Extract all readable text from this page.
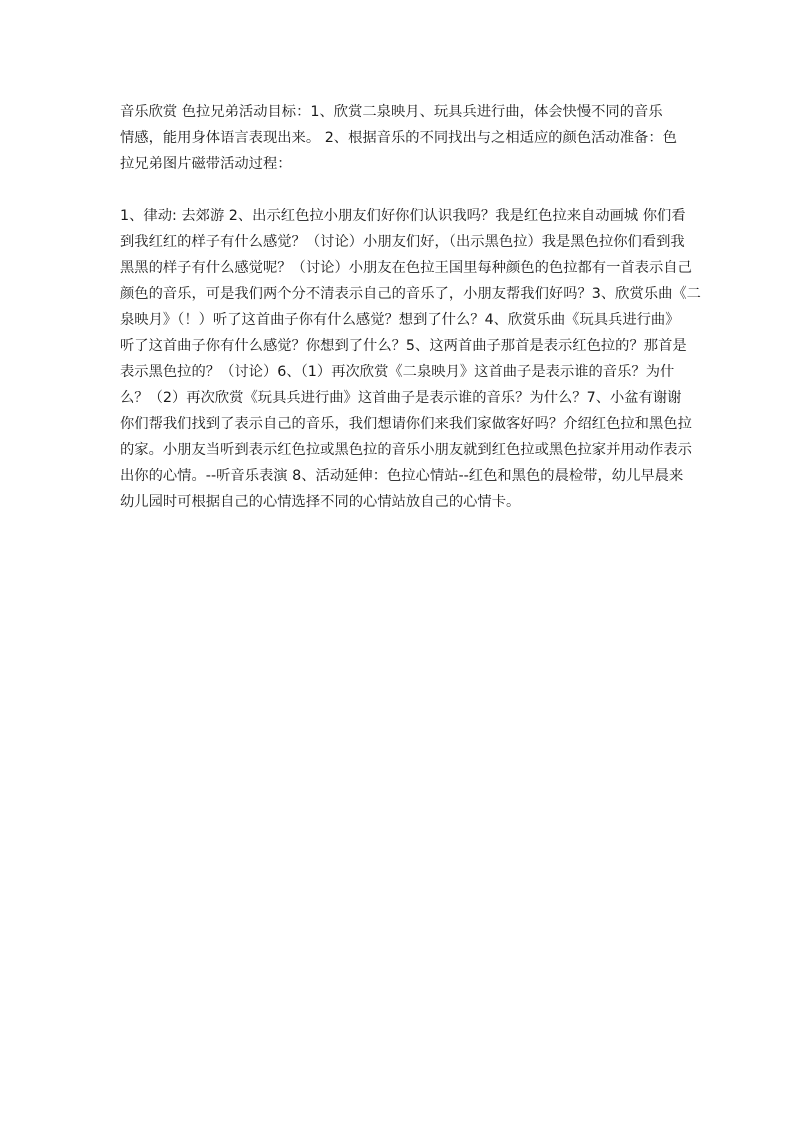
音乐欣赏 色拉兄弟活动目标：1、欣赏二泉映月、玩具兵进行曲，体会快慢不同的音乐
情感，能用身体语言表现出来。 2、根据音乐的不同找出与之相适应的颜色活动准备：色
拉兄弟图片磁带活动过程：
1、律动: 去郊游 2、出示红色拉小朋友们好你们认识我吗？我是红色拉来自动画城 你们看
到我红红的样子有什么感觉？（讨论）小朋友们好，（出示黑色拉）我是黑色拉你们看到我
黑黑的样子有什么感觉呢？（讨论）小朋友在色拉王国里每种颜色的色拉都有一首表示自己
颜色的音乐，可是我们两个分不清表示自己的音乐了，小朋友帮我们好吗？3、欣赏乐曲《二
泉映月》（！）听了这首曲子你有什么感觉？想到了什么？4、欣赏乐曲《玩具兵进行曲》
听了这首曲子你有什么感觉？你想到了什么？5、这两首曲子那首是表示红色拉的？那首是
表示黑色拉的？（讨论）6、（1）再次欣赏《二泉映月》这首曲子是表示谁的音乐？为什
么？（2）再次欣赏《玩具兵进行曲》这首曲子是表示谁的音乐？为什么？7、小盆有谢谢
你们帮我们找到了表示自己的音乐，我们想请你们来我们家做客好吗？介绍红色拉和黑色拉
的家。小朋友当听到表示红色拉或黑色拉的音乐小朋友就到红色拉或黑色拉家并用动作表示
出你的心情。--听音乐表演 8、活动延伸：色拉心情站--红色和黑色的晨检带，幼儿早晨来
幼儿园时可根据自己的心情选择不同的心情站放自己的心情卡。
